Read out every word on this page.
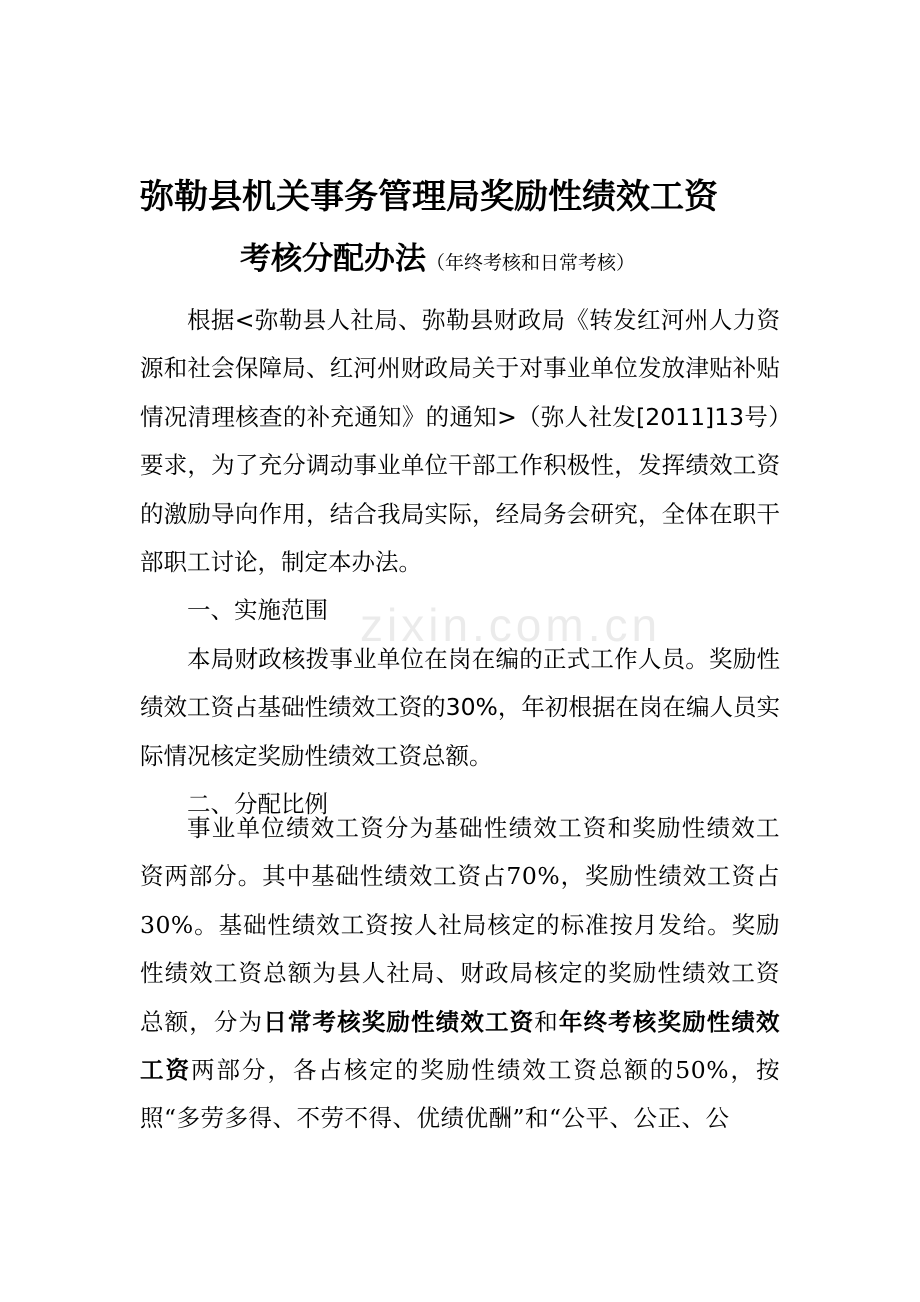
zixin.com.cn
弥勒县机关事务管理局奖励性绩效工资
考核分配办法（年终考核和日常考核）

根据<弥勒县人社局、弥勒县财政局《转发红河州人力资源和社会保障局、红河州财政局关于对事业单位发放津贴补贴情况清理核查的补充通知》的通知>（弥人社发[2011]13号）要求，为了充分调动事业单位干部工作积极性，发挥绩效工资的激励导向作用，结合我局实际，经局务会研究，全体在职干部职工讨论，制定本办法。

一、实施范围

本局财政核拨事业单位在岗在编的正式工作人员。奖励性绩效工资占基础性绩效工资的30%，年初根据在岗在编人员实际情况核定奖励性绩效工资总额。

二、分配比例

事业单位绩效工资分为基础性绩效工资和奖励性绩效工资两部分。其中基础性绩效工资占70%，奖励性绩效工资占30%。基础性绩效工资按人社局核定的标准按月发给。奖励性绩效工资总额为县人社局、财政局核定的奖励性绩效工资总额，分为日常考核奖励性绩效工资和年终考核奖励性绩效工资两部分，各占核定的奖励性绩效工资总额的50%，按照“多劳多得、不劳不得、优绩优酬”和“公平、公正、公
